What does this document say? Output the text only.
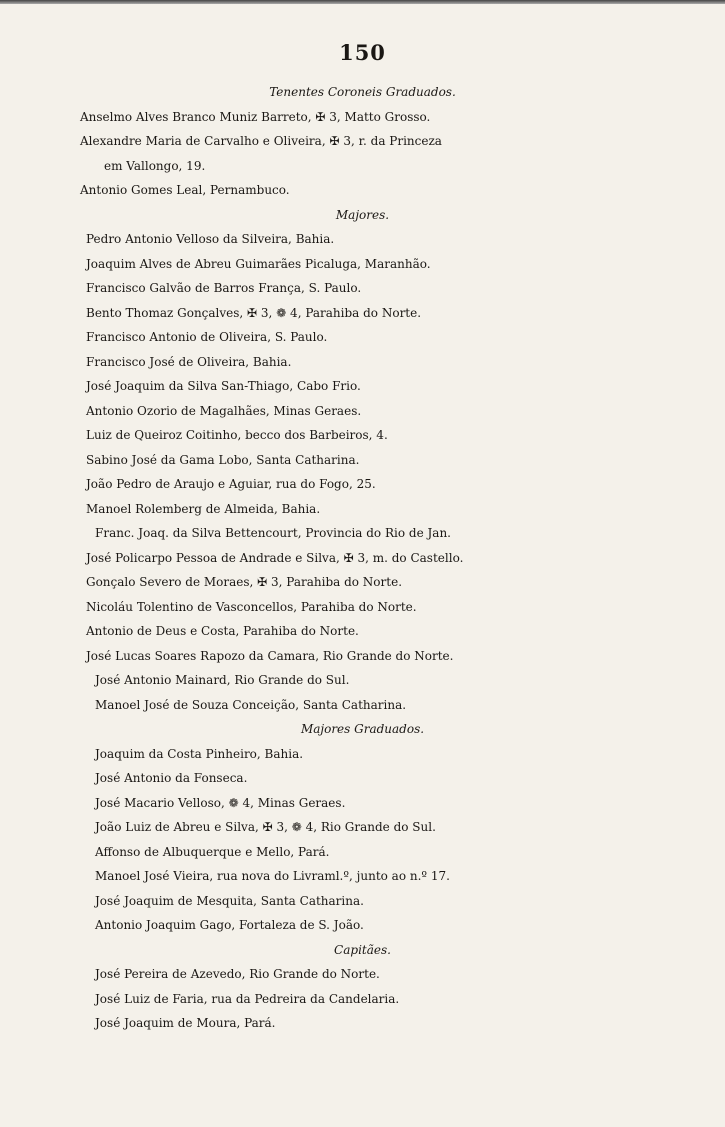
150
Tenentes Coroneis Graduados.
Anselmo Alves Branco Muniz Barreto, ✠ 3, Matto Grosso.
Alexandre Maria de Carvalho e Oliveira, ✠ 3, r. da Princeza
em Vallongo, 19.
Antonio Gomes Leal, Pernambuco.
Majores.
Pedro Antonio Velloso da Silveira, Bahia.
Joaquim Alves de Abreu Guimarães Picaluga, Maranhão.
Francisco Galvão de Barros França, S. Paulo.
Bento Thomaz Gonçalves, ✠ 3, ❁ 4, Parahiba do Norte.
Francisco Antonio de Oliveira, S. Paulo.
Francisco José de Oliveira, Bahia.
José Joaquim da Silva San-Thiago, Cabo Frio.
Antonio Ozorio de Magalhães, Minas Geraes.
Luiz de Queiroz Coitinho, becco dos Barbeiros, 4.
Sabino José da Gama Lobo, Santa Catharina.
João Pedro de Araujo e Aguiar, rua do Fogo, 25.
Manoel Rolemberg de Almeida, Bahia.
Franc. Joaq. da Silva Bettencourt, Provincia do Rio de Jan.
José Policarpo Pessoa de Andrade e Silva, ✠ 3, m. do Castello.
Gonçalo Severo de Moraes, ✠ 3, Parahiba do Norte.
Nicoláu Tolentino de Vasconcellos, Parahiba do Norte.
Antonio de Deus e Costa, Parahiba do Norte.
José Lucas Soares Rapozo da Camara, Rio Grande do Norte.
José Antonio Mainard, Rio Grande do Sul.
Manoel José de Souza Conceição, Santa Catharina.
Majores Graduados.
Joaquim da Costa Pinheiro, Bahia.
José Antonio da Fonseca.
José Macario Velloso, ❁ 4, Minas Geraes.
João Luiz de Abreu e Silva, ✠ 3, ❁ 4, Rio Grande do Sul.
Affonso de Albuquerque e Mello, Pará.
Manoel José Vieira, rua nova do Livraml.º, junto ao n.º 17.
José Joaquim de Mesquita, Santa Catharina.
Antonio Joaquim Gago, Fortaleza de S. João.
Capitães.
José Pereira de Azevedo, Rio Grande do Norte.
José Luiz de Faria, rua da Pedreira da Candelaria.
José Joaquim de Moura, Pará.
